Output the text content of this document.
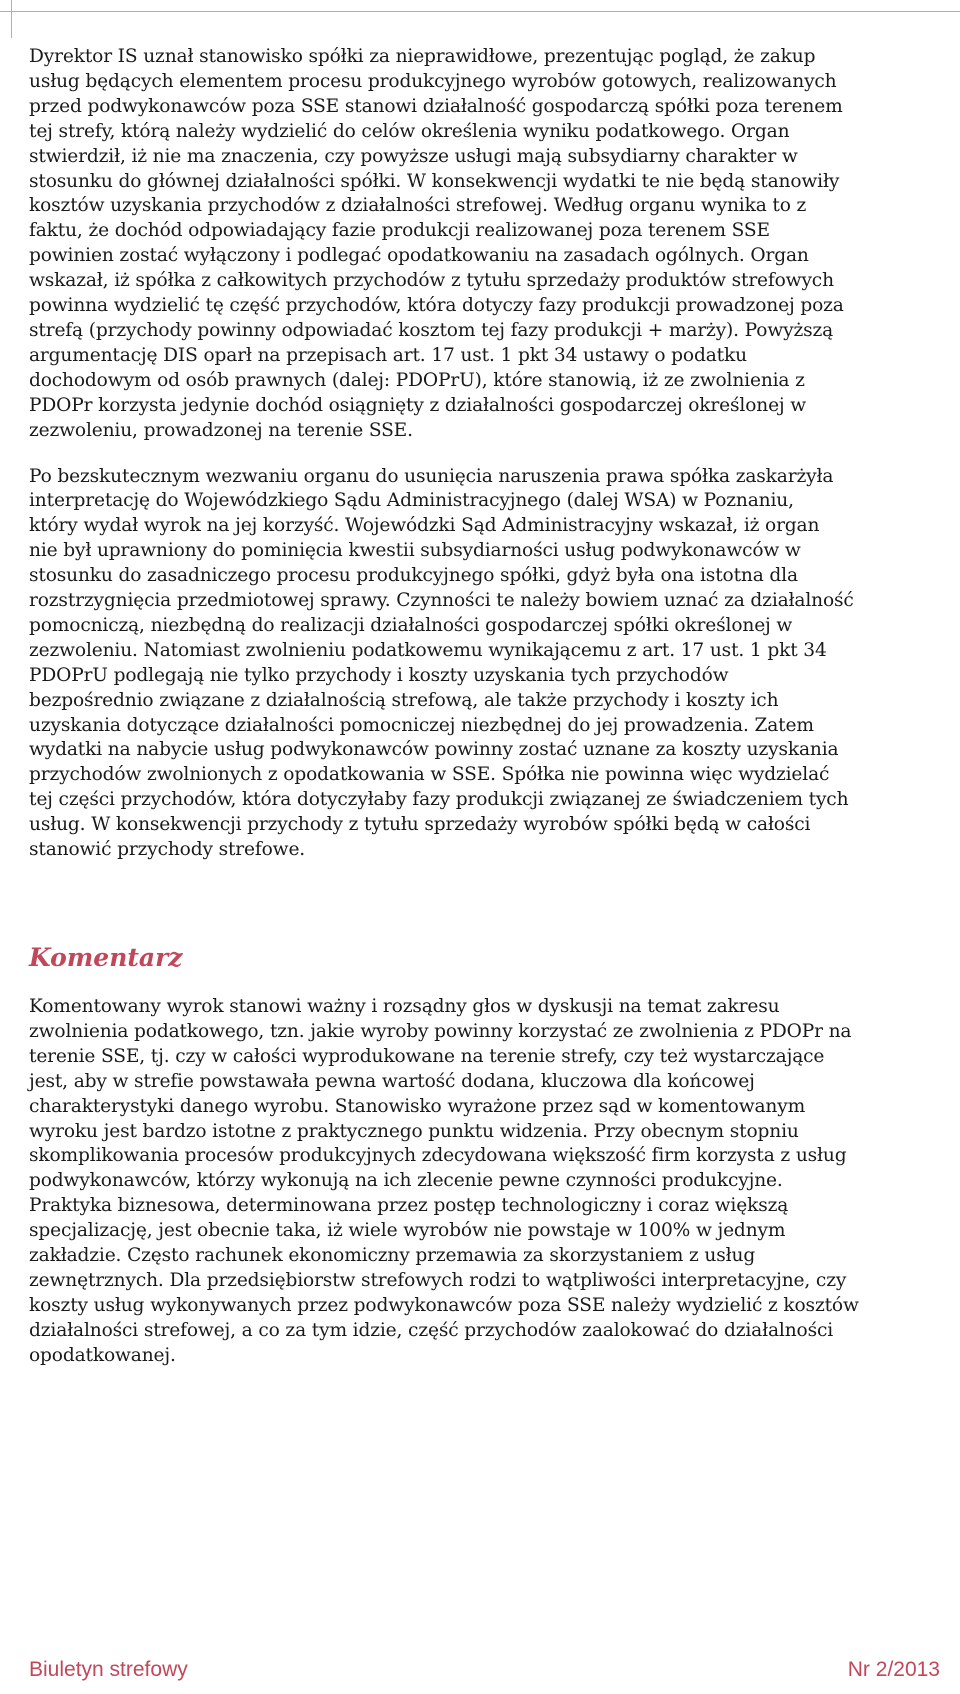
Dyrektor IS uznał stanowisko spółki za nieprawidłowe, prezentując pogląd, że zakup
usług będących elementem procesu produkcyjnego wyrobów gotowych, realizowanych
przed podwykonawców poza SSE stanowi działalność gospodarczą spółki poza terenem
tej strefy, którą należy wydzielić do celów określenia wyniku podatkowego. Organ
stwierdził, iż nie ma znaczenia, czy powyższe usługi mają subsydiarny charakter w
stosunku do głównej działalności spółki. W konsekwencji wydatki te nie będą stanowiły
kosztów uzyskania przychodów z działalności strefowej. Według organu wynika to z
faktu, że dochód odpowiadający fazie produkcji realizowanej poza terenem SSE
powinien zostać wyłączony i podlegać opodatkowaniu na zasadach ogólnych. Organ
wskazał, iż spółka z całkowitych przychodów z tytułu sprzedaży produktów strefowych
powinna wydzielić tę część przychodów, która dotyczy fazy produkcji prowadzonej poza
strefą (przychody powinny odpowiadać kosztom tej fazy produkcji + marży). Powyższą
argumentację DIS oparł na przepisach art. 17 ust. 1 pkt 34 ustawy o podatku
dochodowym od osób prawnych (dalej: PDOPrU), które stanowią, iż ze zwolnienia z
PDOPr korzysta jedynie dochód osiągnięty z działalności gospodarczej określonej w
zezwoleniu, prowadzonej na terenie SSE.

Po bezskutecznym wezwaniu organu do usunięcia naruszenia prawa spółka zaskarżyła
interpretację do Wojewódzkiego Sądu Administracyjnego (dalej WSA) w Poznaniu,
który wydał wyrok na jej korzyść. Wojewódzki Sąd Administracyjny wskazał, iż organ
nie był uprawniony do pominięcia kwestii subsydiarności usług podwykonawców w
stosunku do zasadniczego procesu produkcyjnego spółki, gdyż była ona istotna dla
rozstrzygnięcia przedmiotowej sprawy. Czynności te należy bowiem uznać za działalność
pomocniczą, niezbędną do realizacji działalności gospodarczej spółki określonej w
zezwoleniu. Natomiast zwolnieniu podatkowemu wynikającemu z art. 17 ust. 1 pkt 34
PDOPrU podlegają nie tylko przychody i koszty uzyskania tych przychodów
bezpośrednio związane z działalnością strefową, ale także przychody i koszty ich
uzyskania dotyczące działalności pomocniczej niezbędnej do jej prowadzenia. Zatem
wydatki na nabycie usług podwykonawców powinny zostać uznane za koszty uzyskania
przychodów zwolnionych z opodatkowania w SSE. Spółka nie powinna więc wydzielać
tej części przychodów, która dotyczyłaby fazy produkcji związanej ze świadczeniem tych
usług. W konsekwencji przychody z tytułu sprzedaży wyrobów spółki będą w całości
stanowić przychody strefowe.

Komentarz

Komentowany wyrok stanowi ważny i rozsądny głos w dyskusji na temat zakresu
zwolnienia podatkowego, tzn. jakie wyroby powinny korzystać ze zwolnienia z PDOPr na
terenie SSE, tj. czy w całości wyprodukowane na terenie strefy, czy też wystarczające
jest, aby w strefie powstawała pewna wartość dodana, kluczowa dla końcowej
charakterystyki danego wyrobu. Stanowisko wyrażone przez sąd w komentowanym
wyroku jest bardzo istotne z praktycznego punktu widzenia. Przy obecnym stopniu
skomplikowania procesów produkcyjnych zdecydowana większość firm korzysta z usług
podwykonawców, którzy wykonują na ich zlecenie pewne czynności produkcyjne.
Praktyka biznesowa, determinowana przez postęp technologiczny i coraz większą
specjalizację, jest obecnie taka, iż wiele wyrobów nie powstaje w 100% w jednym
zakładzie. Często rachunek ekonomiczny przemawia za skorzystaniem z usług
zewnętrznych. Dla przedsiębiorstw strefowych rodzi to wątpliwości interpretacyjne, czy
koszty usług wykonywanych przez podwykonawców poza SSE należy wydzielić z kosztów
działalności strefowej, a co za tym idzie, część przychodów zaalokować do działalności
opodatkowanej.

Biuletyn strefowy	Nr 2/2013
